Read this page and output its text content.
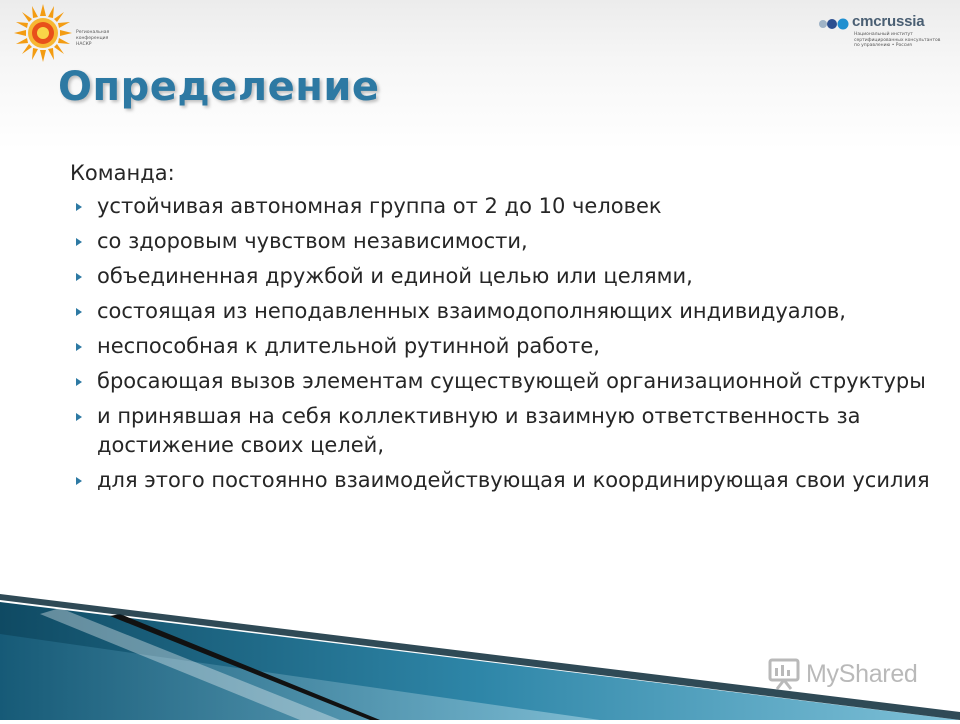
Региональная
конференция
НАСКР
cmcrussia
Национальный институт
сертифицированных консультантов
по управлению • Россия
Определение
Команда:
устойчивая автономная группа от 2 до 10 человек
со здоровым чувством независимости,
объединенная дружбой и единой целью или целями,
состоящая из неподавленных взаимодополняющих индивидуалов,
неспособная к длительной рутинной работе,
бросающая вызов элементам существующей организационной структуры
и принявшая на себя коллективную и взаимную ответственность за достижение своих целей,
для этого постоянно взаимодействующая и координирующая свои усилия
MyShared
